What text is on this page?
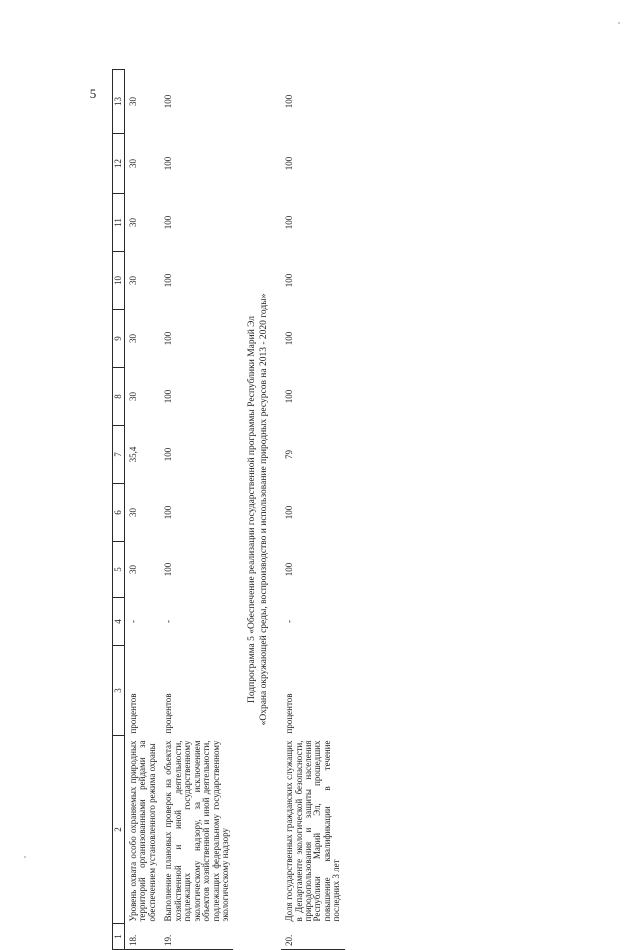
5
1	2	3	4	5	6	7	8	9	10	11	12	13
18.	Уровень охвата особо охраняемых природных территорий организованными рейдами за обеспечением установленного режима охраны	процентов	-	30	30	35,4	30	30	30	30	30	30
19.	Выполнение плановых проверок на объектах хозяйственной и иной деятельности, подлежащих государственному экологическому надзору, за исключением объектов хозяйственной и иной деятельности, подлежащих федеральному государственному экологическому надзору	процентов	-	100	100	100	100	100	100	100	100	100

Подпрограмма 5 «Обеспечение реализации государственной программы Республики Марий Эл «Охрана окружающей среды, воспроизводство и использование природных ресурсов на 2013 - 2020 годы»												

20.	Доля государственных гражданских служащих в Департаменте экологической безопасности, природопользования и защиты населения Республики Марий Эл, прошедших повышение квалификации в течение последних 3 лет	процентов	-	100	100	79	100	100	100	100	100	100
